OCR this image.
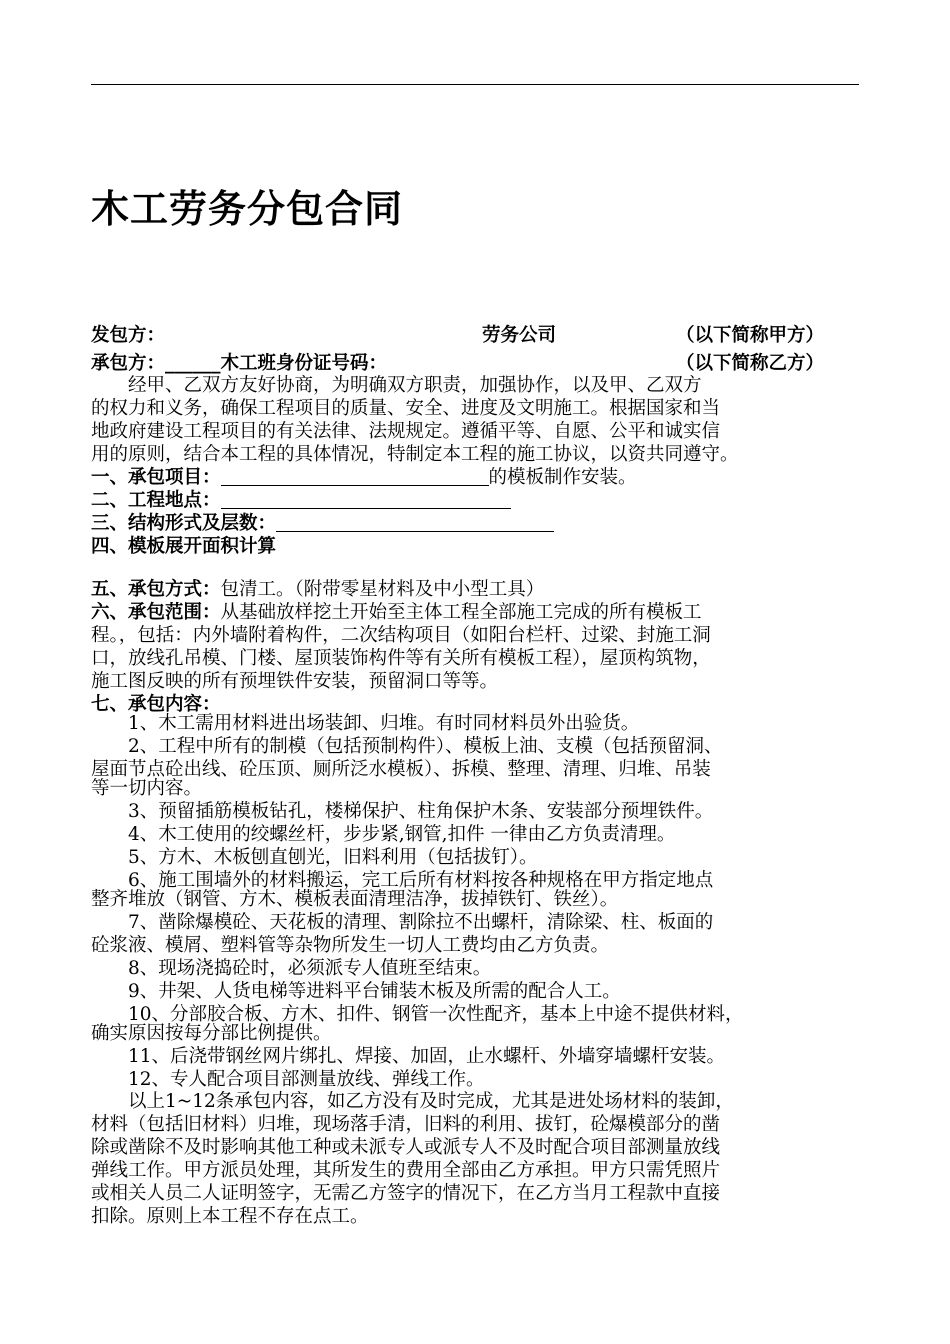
木工劳务分包合同
发包方：	劳务公司	（以下简称甲方）
承包方：______木工班身份证号码：	（以下简称乙方）
　　经甲、乙双方友好协商，为明确双方职责，加强协作，以及甲、乙双方
的权力和义务，确保工程项目的质量、安全、进度及文明施工。根据国家和当
地政府建设工程项目的有关法律、法规规定。遵循平等、自愿、公平和诚实信
用的原则，结合本工程的具体情况，特制定本工程的施工协议，以资共同遵守。
一、承包项目：	的模板制作安装。
二、工程地点：
三、结构形式及层数：
四、模板展开面积计算
五、承包方式：包清工。（附带零星材料及中小型工具）
六、承包范围：从基础放样挖土开始至主体工程全部施工完成的所有模板工
程。，包括：内外墙附着构件，二次结构项目（如阳台栏杆、过梁、封施工洞
口，放线孔吊模、门楼、屋顶装饰构件等有关所有模板工程），屋顶构筑物，
施工图反映的所有预埋铁件安装，预留洞口等等。
七、承包内容：
　　1、木工需用材料进出场装卸、归堆。有时同材料员外出验货。
　　2、工程中所有的制模（包括预制构件）、模板上油、支模（包括预留洞、
屋面节点砼出线、砼压顶、厕所泛水模板）、拆模、整理、清理、归堆、吊装
等一切内容。
　　3、预留插筋模板钻孔，楼梯保护、柱角保护木条、安装部分预埋铁件。
　　4、木工使用的绞螺丝杆，步步紧,钢管,扣件 一律由乙方负责清理。
　　5、方木、木板刨直刨光，旧料利用（包括拔钉）。
　　6、施工围墙外的材料搬运，完工后所有材料按各种规格在甲方指定地点
整齐堆放（钢管、方木、模板表面清理洁净，拔掉铁钉、铁丝）。
　　7、凿除爆模砼、天花板的清理、割除拉不出螺杆，清除梁、柱、板面的
砼浆液、模屑、塑料管等杂物所发生一切人工费均由乙方负责。
　　8、现场浇捣砼时，必须派专人值班至结束。
　　9、井架、人货电梯等进料平台铺装木板及所需的配合人工。
　　10、分部胶合板、方木、扣件、钢管一次性配齐，基本上中途不提供材料，
确实原因按每分部比例提供。
　　11、后浇带钢丝网片绑扎、焊接、加固，止水螺杆、外墙穿墙螺杆安装。
　　12、专人配合项目部测量放线、弹线工作。
　　以上1~12条承包内容，如乙方没有及时完成，尤其是进处场材料的装卸，
材料（包括旧材料）归堆，现场落手清，旧料的利用、拔钉，砼爆模部分的凿
除或凿除不及时影响其他工种或未派专人或派专人不及时配合项目部测量放线
弹线工作。甲方派员处理，其所发生的费用全部由乙方承担。甲方只需凭照片
或相关人员二人证明签字，无需乙方签字的情况下，在乙方当月工程款中直接
扣除。原则上本工程不存在点工。
